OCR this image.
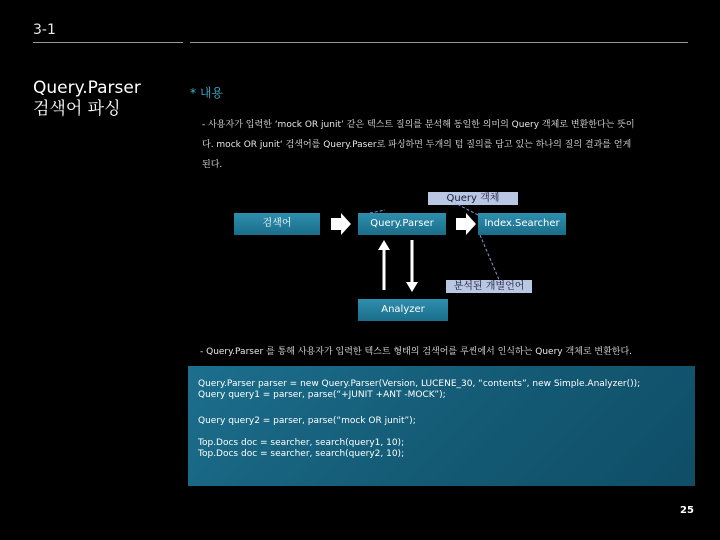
3-1
Query.Parser
검색어 파싱
* 내용
- 사용자가 입력한 ‘mock OR junit’ 같은 텍스트 질의를 분석해 동일한 의미의 Query 객체로 변환한다는 뜻이
다. mock OR junit‘ 검색어를 Query.Paser로 파싱하면 두개의 텀 질의를 담고 있는 하나의 질의 결과를 얻게
된다.
Query 객체
검색어	Query.Parser	Index.Searcher
분석된 개별언어
Analyzer
- Query.Parser 를 통해 사용자가 입력한 텍스트 형태의 검색어를 루씬에서 인식하는 Query 객체로 변환한다.
Query.Parser parser = new Query.Parser(Version, LUCENE_30, “contents”, new Simple.Analyzer());
Query query1 = parser, parse(“+JUNIT +ANT -MOCK”);
Query query2 = parser, parse(“mock OR junit”);
Top.Docs doc = searcher, search(query1, 10);
Top.Docs doc = searcher, search(query2, 10);
25
